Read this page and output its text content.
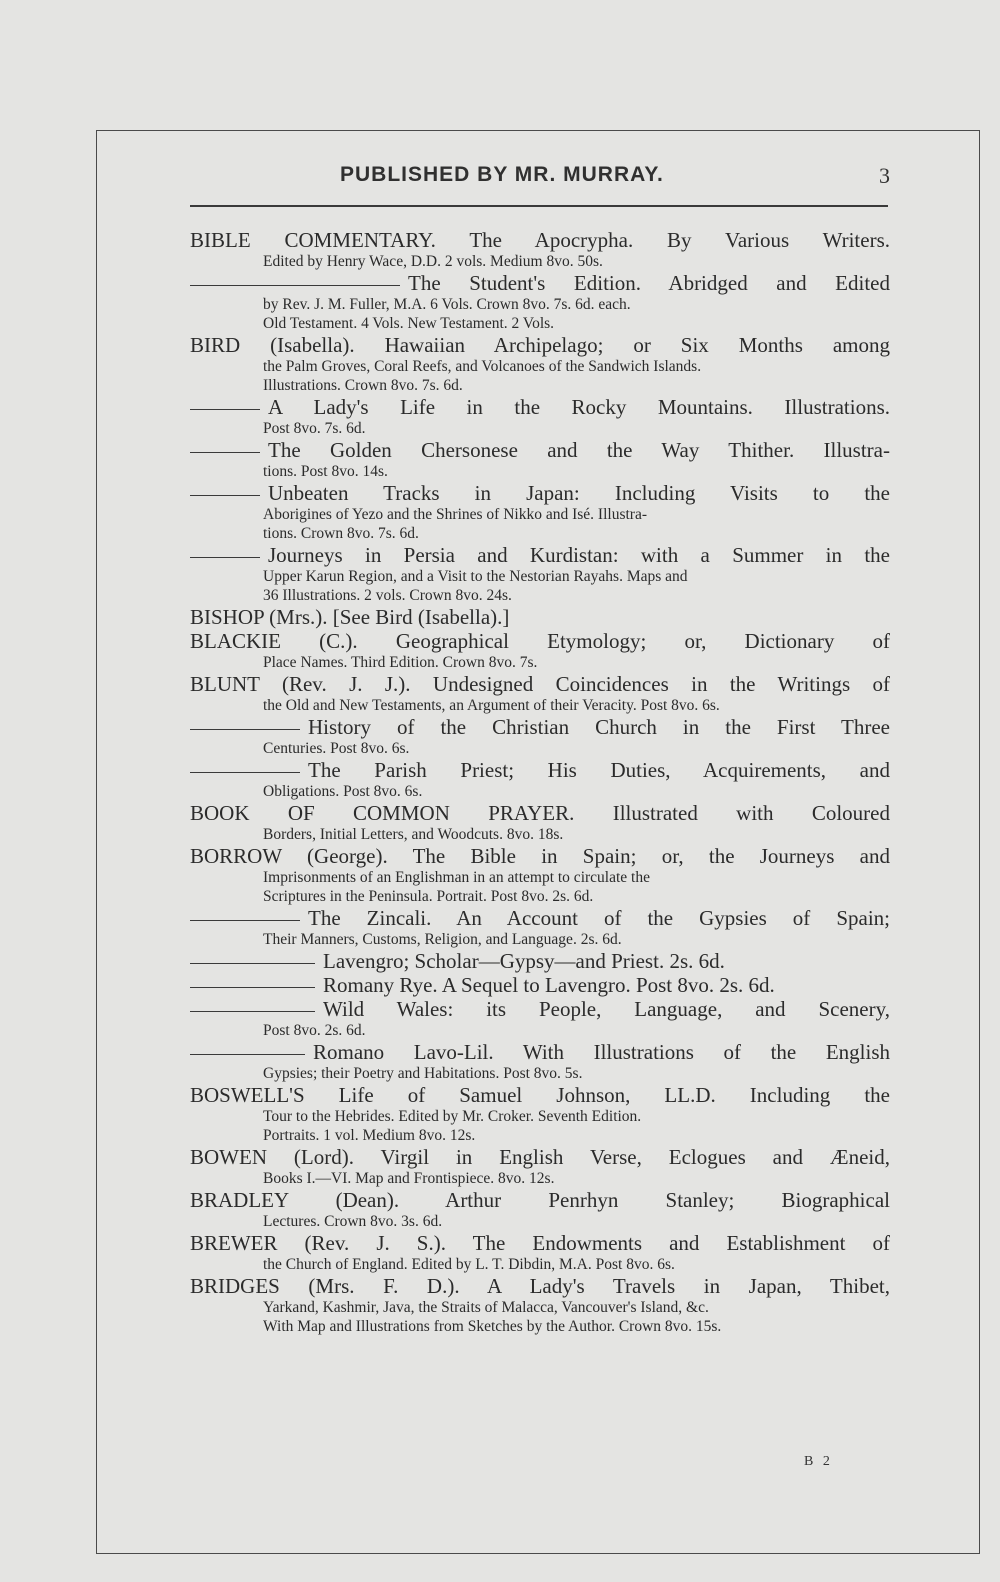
PUBLISHED BY MR. MURRAY.	3
BIBLE COMMENTARY. The Apocrypha. By Various Writers.
Edited by Henry Wace, D.D. 2 vols. Medium 8vo. 50s.
The Student's Edition. Abridged and Edited
by Rev. J. M. Fuller, M.A. 6 Vols. Crown 8vo. 7s. 6d. each.
Old Testament. 4 Vols. New Testament. 2 Vols.
BIRD (Isabella). Hawaiian Archipelago; or Six Months among
the Palm Groves, Coral Reefs, and Volcanoes of the Sandwich Islands.
Illustrations. Crown 8vo. 7s. 6d.
A Lady's Life in the Rocky Mountains. Illustrations.
Post 8vo. 7s. 6d.
The Golden Chersonese and the Way Thither. Illustra-
tions. Post 8vo. 14s.
Unbeaten Tracks in Japan: Including Visits to the
Aborigines of Yezo and the Shrines of Nikko and Isé. Illustra-
tions. Crown 8vo. 7s. 6d.
Journeys in Persia and Kurdistan: with a Summer in the
Upper Karun Region, and a Visit to the Nestorian Rayahs. Maps and
36 Illustrations. 2 vols. Crown 8vo. 24s.
BISHOP (Mrs.). [See Bird (Isabella).]
BLACKIE (C.). Geographical Etymology; or, Dictionary of
Place Names. Third Edition. Crown 8vo. 7s.
BLUNT (Rev. J. J.). Undesigned Coincidences in the Writings of
the Old and New Testaments, an Argument of their Veracity. Post 8vo. 6s.
History of the Christian Church in the First Three
Centuries. Post 8vo. 6s.
The Parish Priest; His Duties, Acquirements, and
Obligations. Post 8vo. 6s.
BOOK OF COMMON PRAYER. Illustrated with Coloured
Borders, Initial Letters, and Woodcuts. 8vo. 18s.
BORROW (George). The Bible in Spain; or, the Journeys and
Imprisonments of an Englishman in an attempt to circulate the
Scriptures in the Peninsula. Portrait. Post 8vo. 2s. 6d.
The Zincali. An Account of the Gypsies of Spain;
Their Manners, Customs, Religion, and Language. 2s. 6d.
Lavengro; Scholar—Gypsy—and Priest. 2s. 6d.
Romany Rye. A Sequel to Lavengro. Post 8vo. 2s. 6d.
Wild Wales: its People, Language, and Scenery,
Post 8vo. 2s. 6d.
Romano Lavo-Lil. With Illustrations of the English
Gypsies; their Poetry and Habitations. Post 8vo. 5s.
BOSWELL'S Life of Samuel Johnson, LL.D. Including the
Tour to the Hebrides. Edited by Mr. Croker. Seventh Edition.
Portraits. 1 vol. Medium 8vo. 12s.
BOWEN (Lord). Virgil in English Verse, Eclogues and Æneid,
Books I.—VI. Map and Frontispiece. 8vo. 12s.
BRADLEY (Dean). Arthur Penrhyn Stanley; Biographical
Lectures. Crown 8vo. 3s. 6d.
BREWER (Rev. J. S.). The Endowments and Establishment of
the Church of England. Edited by L. T. Dibdin, M.A. Post 8vo. 6s.
BRIDGES (Mrs. F. D.). A Lady's Travels in Japan, Thibet,
Yarkand, Kashmir, Java, the Straits of Malacca, Vancouver's Island, &c.
With Map and Illustrations from Sketches by the Author. Crown 8vo. 15s.
B 2
